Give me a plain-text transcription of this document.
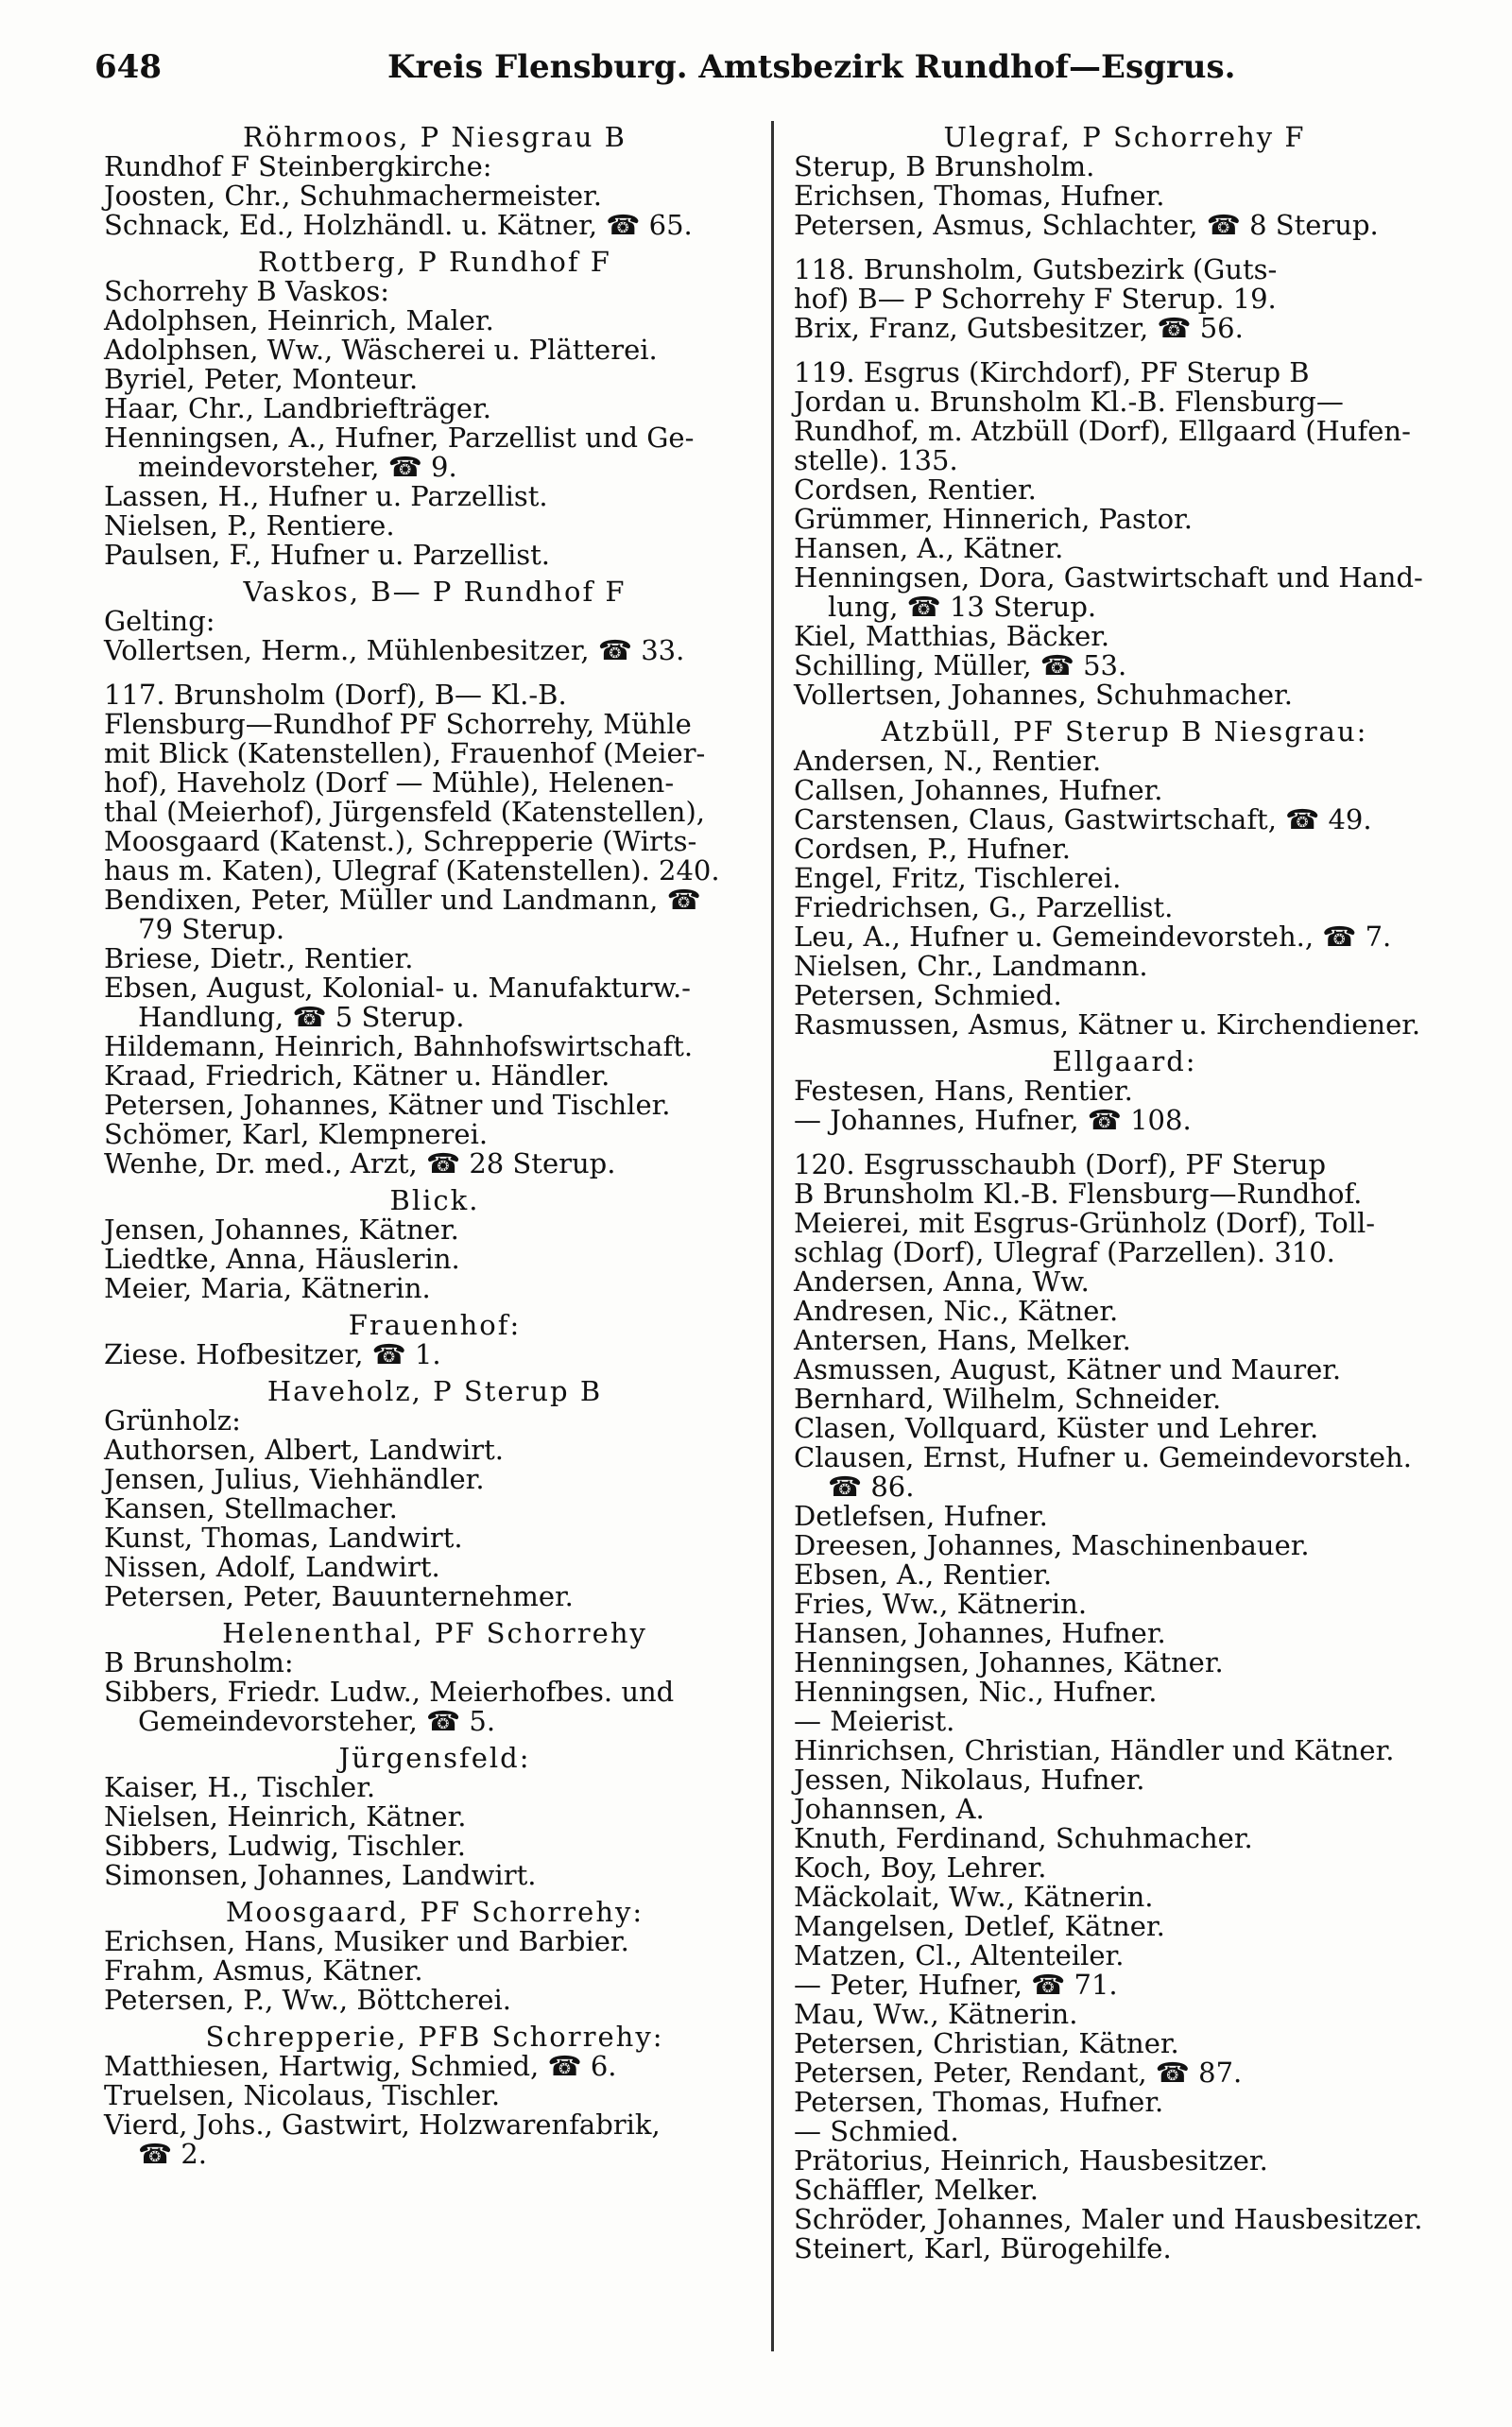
648	Kreis Flensburg. Amtsbezirk Rundhof—Esgrus.
Röhrmoos, P Niesgrau B
Rundhof F Steinbergkirche:
Joosten, Chr., Schuhmachermeister.
Schnack, Ed., Holzhändl. u. Kätner, ☎ 65.
Rottberg, P Rundhof F
Schorrehy B Vaskos:
Adolphsen, Heinrich, Maler.
Adolphsen, Ww., Wäscherei u. Plätterei.
Byriel, Peter, Monteur.
Haar, Chr., Landbriefträger.
Henningsen, A., Hufner, Parzellist und Ge-
meindevorsteher, ☎ 9.
Lassen, H., Hufner u. Parzellist.
Nielsen, P., Rentiere.
Paulsen, F., Hufner u. Parzellist.
Vaskos, B— P Rundhof F
Gelting:
Vollertsen, Herm., Mühlenbesitzer, ☎ 33.
117. Brunsholm (Dorf), B— Kl.-B.
Flensburg—Rundhof PF Schorrehy, Mühle
mit Blick (Katenstellen), Frauenhof (Meier-
hof), Haveholz (Dorf — Mühle), Helenen-
thal (Meierhof), Jürgensfeld (Katenstellen),
Moosgaard (Katenst.), Schrepperie (Wirts-
haus m. Katen), Ulegraf (Katenstellen). 240.
Bendixen, Peter, Müller und Landmann, ☎
79 Sterup.
Briese, Dietr., Rentier.
Ebsen, August, Kolonial- u. Manufakturw.-
Handlung, ☎ 5 Sterup.
Hildemann, Heinrich, Bahnhofswirtschaft.
Kraad, Friedrich, Kätner u. Händler.
Petersen, Johannes, Kätner und Tischler.
Schömer, Karl, Klempnerei.
Wenhe, Dr. med., Arzt, ☎ 28 Sterup.
Blick.
Jensen, Johannes, Kätner.
Liedtke, Anna, Häuslerin.
Meier, Maria, Kätnerin.
Frauenhof:
Ziese. Hofbesitzer, ☎ 1.
Haveholz, P Sterup B
Grünholz:
Authorsen, Albert, Landwirt.
Jensen, Julius, Viehhändler.
Kansen, Stellmacher.
Kunst, Thomas, Landwirt.
Nissen, Adolf, Landwirt.
Petersen, Peter, Bauunternehmer.
Helenenthal, PF Schorrehy
B Brunsholm:
Sibbers, Friedr. Ludw., Meierhofbes. und
Gemeindevorsteher, ☎ 5.
Jürgensfeld:
Kaiser, H., Tischler.
Nielsen, Heinrich, Kätner.
Sibbers, Ludwig, Tischler.
Simonsen, Johannes, Landwirt.
Moosgaard, PF Schorrehy:
Erichsen, Hans, Musiker und Barbier.
Frahm, Asmus, Kätner.
Petersen, P., Ww., Böttcherei.
Schrepperie, PFB Schorrehy:
Matthiesen, Hartwig, Schmied, ☎ 6.
Truelsen, Nicolaus, Tischler.
Vierd, Johs., Gastwirt, Holzwarenfabrik,
☎ 2.
Ulegraf, P Schorrehy F
Sterup, B Brunsholm.
Erichsen, Thomas, Hufner.
Petersen, Asmus, Schlachter, ☎ 8 Sterup.
118. Brunsholm, Gutsbezirk (Guts-
hof) B— P Schorrehy F Sterup. 19.
Brix, Franz, Gutsbesitzer, ☎ 56.
119. Esgrus (Kirchdorf), PF Sterup B
Jordan u. Brunsholm Kl.-B. Flensburg—
Rundhof, m. Atzbüll (Dorf), Ellgaard (Hufen-
stelle). 135.
Cordsen, Rentier.
Grümmer, Hinnerich, Pastor.
Hansen, A., Kätner.
Henningsen, Dora, Gastwirtschaft und Hand-
lung, ☎ 13 Sterup.
Kiel, Matthias, Bäcker.
Schilling, Müller, ☎ 53.
Vollertsen, Johannes, Schuhmacher.
Atzbüll, PF Sterup B Niesgrau:
Andersen, N., Rentier.
Callsen, Johannes, Hufner.
Carstensen, Claus, Gastwirtschaft, ☎ 49.
Cordsen, P., Hufner.
Engel, Fritz, Tischlerei.
Friedrichsen, G., Parzellist.
Leu, A., Hufner u. Gemeindevorsteh., ☎ 7.
Nielsen, Chr., Landmann.
Petersen, Schmied.
Rasmussen, Asmus, Kätner u. Kirchendiener.
Ellgaard:
Festesen, Hans, Rentier.
— Johannes, Hufner, ☎ 108.
120. Esgrusschaubh (Dorf), PF Sterup
B Brunsholm Kl.-B. Flensburg—Rundhof.
Meierei, mit Esgrus-Grünholz (Dorf), Toll-
schlag (Dorf), Ulegraf (Parzellen). 310.
Andersen, Anna, Ww.
Andresen, Nic., Kätner.
Antersen, Hans, Melker.
Asmussen, August, Kätner und Maurer.
Bernhard, Wilhelm, Schneider.
Clasen, Vollquard, Küster und Lehrer.
Clausen, Ernst, Hufner u. Gemeindevorsteh.
☎ 86.
Detlefsen, Hufner.
Dreesen, Johannes, Maschinenbauer.
Ebsen, A., Rentier.
Fries, Ww., Kätnerin.
Hansen, Johannes, Hufner.
Henningsen, Johannes, Kätner.
Henningsen, Nic., Hufner.
— Meierist.
Hinrichsen, Christian, Händler und Kätner.
Jessen, Nikolaus, Hufner.
Johannsen, A.
Knuth, Ferdinand, Schuhmacher.
Koch, Boy, Lehrer.
Mäckolait, Ww., Kätnerin.
Mangelsen, Detlef, Kätner.
Matzen, Cl., Altenteiler.
— Peter, Hufner, ☎ 71.
Mau, Ww., Kätnerin.
Petersen, Christian, Kätner.
Petersen, Peter, Rendant, ☎ 87.
Petersen, Thomas, Hufner.
— Schmied.
Prätorius, Heinrich, Hausbesitzer.
Schäffler, Melker.
Schröder, Johannes, Maler und Hausbesitzer.
Steinert, Karl, Bürogehilfe.
